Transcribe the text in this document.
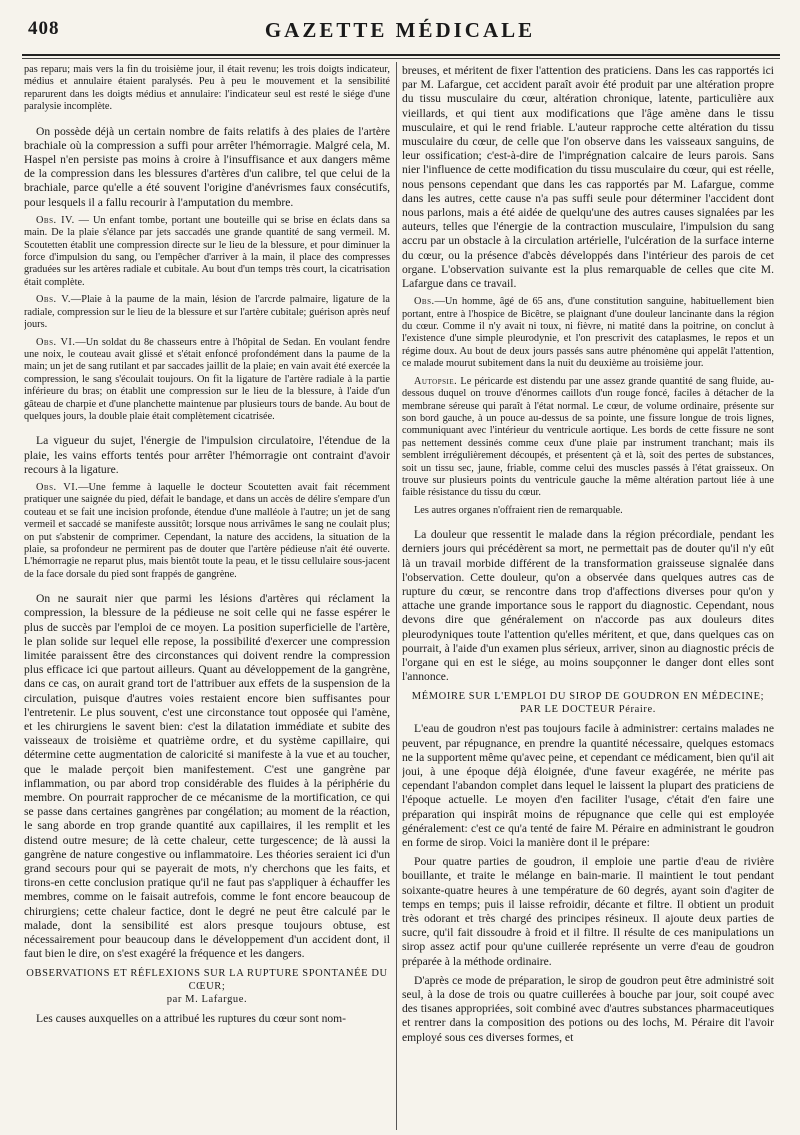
408	GAZETTE MÉDICALE

pas reparu; mais vers la fin du troisième jour, il était revenu; les trois doigts indicateur, médius et annulaire étaient paralysés. Peu à peu le mouvement et la sensibilité reparurent dans les doigts médius et annulaire: l'indicateur seul est resté le siége d'une paralysie incomplète.

On possède déjà un certain nombre de faits relatifs à des plaies de l'artère brachiale où la compression a suffi pour arrêter l'hémorragie. Malgré cela, M. Haspel n'en persiste pas moins à croire à l'insuffisance et aux dangers même de la compression dans les blessures d'artères d'un calibre, tel que celui de la brachiale, parce qu'elle a été souvent l'origine d'anévrismes faux consécutifs, pour lesquels il a fallu recourir à l'amputation du membre.

Obs. IV. — Un enfant tombe, portant une bouteille qui se brise en éclats dans sa main. De la plaie s'élance par jets saccadés une grande quantité de sang vermeil. M. Scoutetten établit une compression directe sur le lieu de la blessure, et pour diminuer la force d'impulsion du sang, ou l'empêcher d'arriver à la main, il place des compresses graduées sur les artères radiale et cubitale. Au bout d'un temps très court, la cicatrisation était complète.

Obs. V.—Plaie à la paume de la main, lésion de l'arcrde palmaire, ligature de la radiale, compression sur le lieu de la blessure et sur l'artère cubitale; guérison après neuf jours.

Obs. VI.—Un soldat du 8e chasseurs entre à l'hôpital de Sedan. En voulant fendre une noix, le couteau avait glissé et s'était enfoncé profondément dans la paume de la main; un jet de sang rutilant et par saccades jaillit de la plaie; en vain avait été exercée la compression, le sang s'écoulait toujours. On fit la ligature de l'artère radiale à la partie inférieure du bras; on établit une compression sur le lieu de la blessure, à l'aide d'un gâteau de charpie et d'une planchette maintenue par plusieurs tours de bande. Au bout de quelques jours, la double plaie était complètement cicatrisée.

La vigueur du sujet, l'énergie de l'impulsion circulatoire, l'étendue de la plaie, les vains efforts tentés pour arrêter l'hémorragie ont contraint d'avoir recours à la ligature.

Obs. VI.—Une femme à laquelle le docteur Scoutetten avait fait récemment pratiquer une saignée du pied, défait le bandage, et dans un accès de délire s'empare d'un couteau et se fait une incision profonde, étendue d'une malléole à l'autre; un jet de sang vermeil et saccadé se manifeste aussitôt; lorsque nous arrivâmes le sang ne coulait plus; on put s'abstenir de comprimer. Cependant, la nature des accidens, la situation de la plaie, sa profondeur ne permirent pas de douter que l'artère pédieuse n'ait été ouverte. L'hémorragie ne reparut plus, mais bientôt toute la peau, et le tissu cellulaire sous-jacent de la face dorsale du pied sont frappés de gangrène.

On ne saurait nier que parmi les lésions d'artères qui réclament la compression, la blessure de la pédieuse ne soit celle qui ne fasse espérer le plus de succès par l'emploi de ce moyen. La position superficielle de l'artère, le plan solide sur lequel elle repose, la possibilité d'exercer une compression limitée paraissent être des circonstances qui doivent rendre la compression plus efficace ici que partout ailleurs. Quant au développement de la gangrène, dans ce cas, on aurait grand tort de l'attribuer aux effets de la suspension de la circulation, puisque d'autres voies restaient encore bien suffisantes pour l'entretenir. Le plus souvent, c'est une circonstance tout opposée qui l'amène, et les chirurgiens le savent bien: c'est la dilatation immédiate et subite des vaisseaux de troisième et quatrième ordre, et du système capillaire, qui détermine cette augmentation de caloricité si manifeste à la vue et au toucher, que le malade perçoit bien manifestement. C'est une gangrène par inflammation, ou par abord trop considérable des fluides à la périphérie du membre. On pourrait rapprocher de ce mécanisme de la mortification, ce qui se passe dans certaines gangrènes par congélation; au moment de la réaction, le sang aborde en trop grande quantité aux capillaires, il les remplit et les distend outre mesure; de là cette chaleur, cette turgescence; de là aussi la gangrène de nature congestive ou inflammatoire. Les théories seraient ici d'un grand secours pour qui se payerait de mots, n'y cherchons que les faits, et tirons-en cette conclusion pratique qu'il ne faut pas s'appliquer à échauffer les membres, comme on le faisait autrefois, comme le font encore beaucoup de chirurgiens; cette chaleur factice, dont le degré ne peut être calculé par le malade, dont la sensibilité est alors presque toujours obtuse, est nécessairement pour beaucoup dans le développement d'un accident dont, il faut bien le dire, on s'est exagéré la fréquence et les dangers.

OBSERVATIONS ET RÉFLEXIONS SUR LA RUPTURE SPONTANÉE DU CŒUR;
par M. Lafargue.

Les causes auxquelles on a attribué les ruptures du cœur sont nom-

breuses, et méritent de fixer l'attention des praticiens. Dans les cas rapportés ici par M. Lafargue, cet accident paraît avoir été produit par une altération propre du tissu musculaire du cœur, altération chronique, latente, particulière aux vieillards, et qui tient aux modifications que l'âge amène dans le tissu musculaire, et qui le rend friable. L'auteur rapproche cette altération du tissu musculaire du cœur, de celle que l'on observe dans les vaisseaux sanguins, de leur ossification; c'est-à-dire de l'imprégnation calcaire de leurs parois. Sans nier l'influence de cette modification du tissu musculaire du cœur, qui est réelle, nous pensons cependant que dans les cas rapportés par M. Lafargue, comme dans les autres, cette cause n'a pas suffi seule pour déterminer l'accident dont nous parlons, mais a été aidée de quelqu'une des autres causes signalées par les auteurs, telles que l'énergie de la contraction musculaire, l'impulsion du sang accru par un obstacle à la circulation artérielle, l'ulcération de la surface interne du cœur, ou la présence d'abcès développés dans l'intérieur des parois de cet organe. L'observation suivante est la plus remarquable de celles que cite M. Lafargue dans ce travail.

Obs.—Un homme, âgé de 65 ans, d'une constitution sanguine, habituellement bien portant, entre à l'hospice de Bicêtre, se plaignant d'une douleur lancinante dans la région du cœur. Comme il n'y avait ni toux, ni fièvre, ni matité dans la poitrine, on conclut à l'existence d'une simple pleurodynie, et l'on prescrivit des cataplasmes, le repos et un régime doux. Au bout de deux jours passés sans autre phénomène qui appelât l'attention, ce malade mourut subitement dans la nuit du deuxième au troisième jour.

Autopsie. Le péricarde est distendu par une assez grande quantité de sang fluide, au-dessous duquel on trouve d'énormes caillots d'un rouge foncé, faciles à détacher de la membrane séreuse qui paraît à l'état normal. Le cœur, de volume ordinaire, présente sur son bord gauche, à un pouce au-dessus de sa pointe, une fissure longue de trois lignes, communiquant avec l'intérieur du ventricule aortique. Les bords de cette fissure ne sont pas nettement dessinés comme ceux d'une plaie par instrument tranchant; mais ils semblent irrégulièrement découpés, et présentent çà et là, soit des pertes de substances, soit un tissu sec, jaune, friable, comme celui des muscles passés à l'état graisseux. On trouve sur plusieurs points du ventricule gauche la même altération partout liée à une faible résistance du tissu du cœur.

Les autres organes n'offraient rien de remarquable.

La douleur que ressentit le malade dans la région précordiale, pendant les derniers jours qui précédèrent sa mort, ne permettait pas de douter qu'il n'y eût là un travail morbide différent de la transformation graisseuse signalée dans l'observation. Cette douleur, qu'on a observée dans quelques autres cas de rupture du cœur, se rencontre dans trop d'affections diverses pour qu'on y attache une grande importance sous le rapport du diagnostic. Cependant, nous devons dire que généralement on n'accorde pas aux douleurs dites pleurodyniques toute l'attention qu'elles méritent, et que, dans quelques cas on pourrait, à l'aide d'un examen plus sérieux, arriver, sinon au diagnostic précis de l'organe qui en est le siége, au moins soupçonner le danger dont elles sont l'annonce.

MÉMOIRE SUR L'EMPLOI DU SIROP DE GOUDRON EN MÉDECINE; PAR LE DOCTEUR Péraire.

L'eau de goudron n'est pas toujours facile à administrer: certains malades ne peuvent, par répugnance, en prendre la quantité nécessaire, quelques estomacs ne la supportent même qu'avec peine, et cependant ce médicament, bien qu'il ait joui, à une époque déjà éloignée, d'une faveur exagérée, ne mérite pas cependant l'abandon complet dans lequel le laissent la plupart des praticiens de l'époque actuelle. Le moyen d'en faciliter l'usage, c'était d'en faire une préparation qui inspirât moins de répugnance que celle qui est employée généralement: c'est ce qu'a tenté de faire M. Péraire en administrant le goudron en forme de sirop. Voici la manière dont il le prépare:

Pour quatre parties de goudron, il emploie une partie d'eau de rivière bouillante, et traite le mélange en bain-marie. Il maintient le tout pendant soixante-quatre heures à une température de 60 degrés, ayant soin d'agiter de temps en temps; puis il laisse refroidir, décante et filtre. Il obtient un produit très odorant et très chargé des principes résineux. Il ajoute deux parties de sucre, qu'il fait dissoudre à froid et il filtre. Il résulte de ces manipulations un sirop assez actif pour qu'une cuillerée représente un verre d'eau de goudron préparée à la méthode ordinaire.

D'après ce mode de préparation, le sirop de goudron peut être administré soit seul, à la dose de trois ou quatre cuillerées à bouche par jour, soit coupé avec des tisanes appropriées, soit combiné avec d'autres substances pharmaceutiques et rentrer dans la composition des potions ou des lochs, M. Péraire dit l'avoir employé sous ces diverses formes, et
